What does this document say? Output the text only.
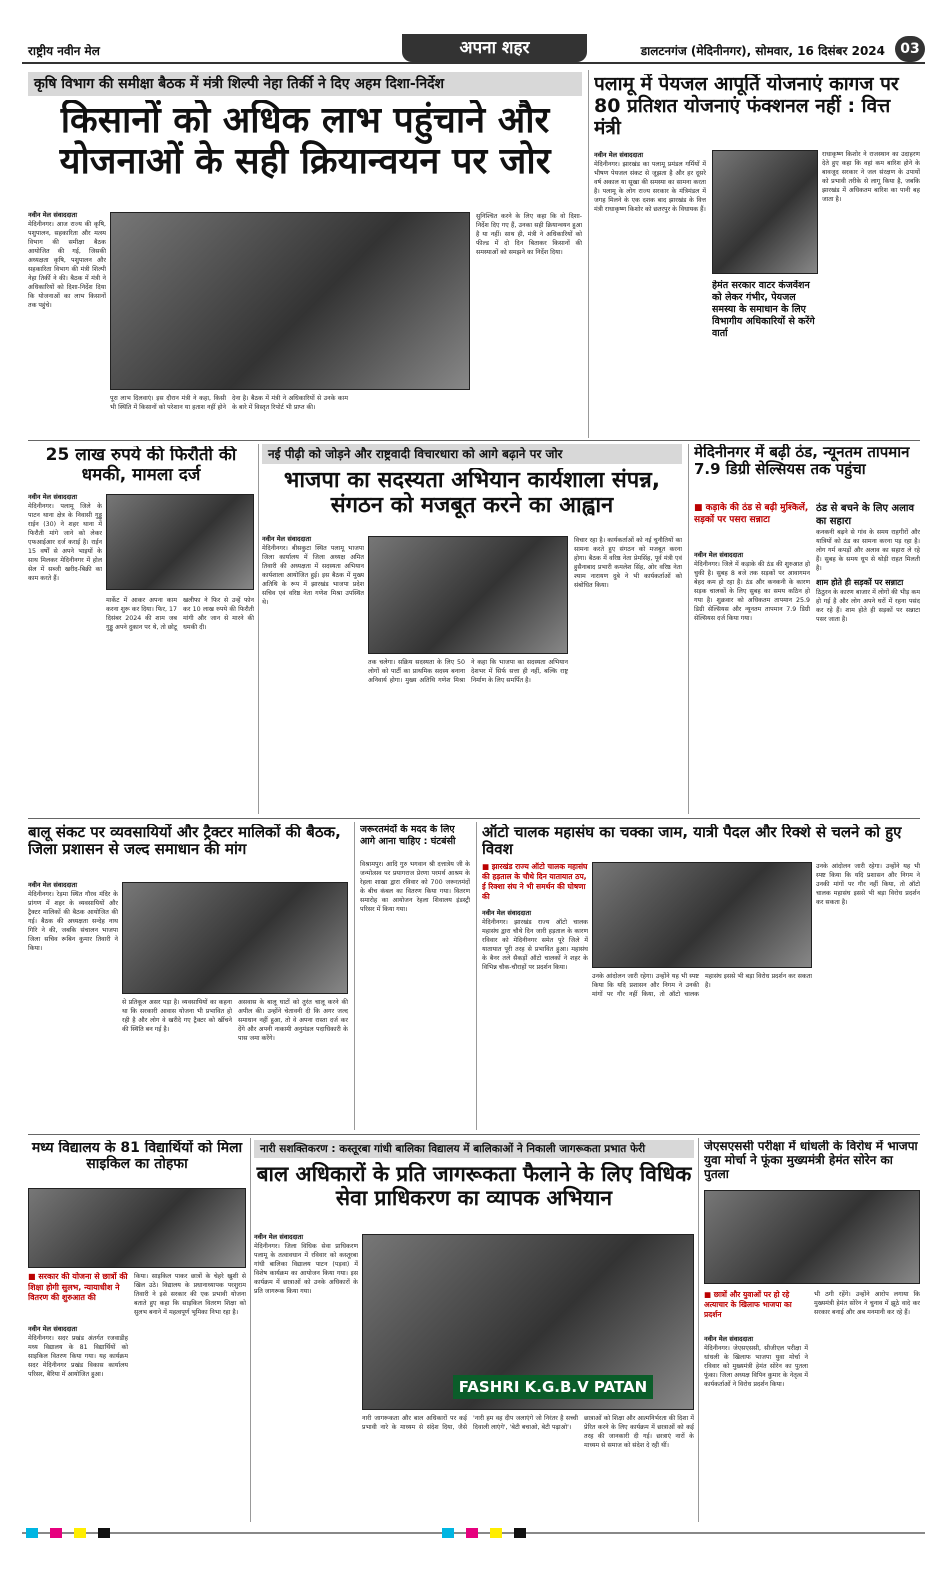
राष्ट्रीय नवीन मेल	अपना शहर	डालटनगंज (मेदिनीनगर), सोमवार, 16 दिसंबर 2024	03
कृषि विभाग की समीक्षा बैठक में मंत्री शिल्पी नेहा तिर्की ने दिए अहम दिशा-निर्देश
किसानों को अधिक लाभ पहुंचाने और योजनाओं के सही क्रियान्वयन पर जोर
नवीन मेल संवाददाता
मेदिनीनगर। आज राज्य की कृषि, पशुपालन, सहकारिता और मत्स्य विभाग की समीक्षा बैठक आयोजित की गई, जिसकी अध्यक्षता कृषि, पशुपालन और सहकारिता विभाग की मंत्री शिल्पी नेहा तिर्की ने की। बैठक में मंत्री ने अधिकारियों को दिशा-निर्देश दिया कि योजनाओं का लाभ किसानों तक पहुंचे।
पूरा लाभ दिलवाएं। इस दौरान मंत्री ने कहा, किसी भी स्थिति में किसानों को परेशान या हताश नहीं होने देना है। बैठक में मंत्री ने अधिकारियों से उनके काम के बारे में विस्तृत रिपोर्ट भी प्राप्त की।
सुनिश्चित करने के लिए कहा कि वो दिशा-निर्देश दिए गए हैं, उनका सही क्रियान्वयन हुआ है या नहीं। साथ ही, मंत्री ने अधिकारियों को फील्ड में दो दिन बिताकर किसानों की समस्याओं को समझने का निर्देश दिया।
पलामू में पेयजल आपूर्ति योजनाएं कागज पर 80 प्रतिशत योजनाएं फंक्शनल नहीं : वित्त मंत्री
नवीन मेल संवाददाता
मेदिनीनगर। झारखंड का पलामू प्रमंडल गर्मियों में भीषण पेयजल संकट से जूझता है और हर दूसरे वर्ष अकाल या सूखा की समस्या का सामना करता है। पलामू के लोग राज्य सरकार के मंत्रिमंडल में जगह मिलने के एक दशक बाद झारखंड के वित्त मंत्री राधाकृष्ण किशोर को छतरपुर के विधायक हैं।
हेमंत सरकार वाटर कंजर्वेशन को लेकर गंभीर, पेयजल समस्या के समाधान के लिए विभागीय अधिकारियों से करेंगे वार्ता
राधाकृष्ण किशोर ने राजस्थान का उदाहरण देते हुए कहा कि वहां कम बारिश होने के बावजूद सरकार ने जल संरक्षण के उपायों को प्रभावी तरीके से लागू किया है, जबकि झारखंड में अधिकतम बारिश का पानी बह जाता है।
25 लाख रुपये की फिरौती की धमकी, मामला दर्ज
नवीन मेल संवाददाता
मेदिनीनगर। पलामू जिले के पाटन थाना क्षेत्र के निवासी गुड्डू राईन (30) ने शहर थाना में फिरौती मांगे जाने को लेकर एफआईआर दर्ज कराई है। राईन 15 वर्षों से अपने भाइयों के साथ मिलकर मेदिनीनगर में होल सेल में सब्जी खरीद-बिक्री का काम करते हैं।
मार्केट में आकर अपना काम करना शुरू कर दिया। फिर, 17 दिसंबर 2024 की शाम जब गुड्डू अपने दुकान पर थे, तो छोटू खलीफा ने फिर से उन्हें फोन कर 10 लाख रुपये की फिरौती मांगी और जान से मारने की धमकी दी।
नई पीढ़ी को जोड़ने और राष्ट्रवादी विचारधारा को आगे बढ़ाने पर जोर
भाजपा का सदस्यता अभियान कार्यशाला संपन्न, संगठन को मजबूत करने का आह्वान
नवीन मेल संवाददाता
मेदिनीनगर। बीसकुटा स्थित पलामू भाजपा जिला कार्यालय में जिला अध्यक्ष अमित तिवारी की अध्यक्षता में सदस्यता अभियान कार्यशाला आयोजित हुई। इस बैठक में मुख्य अतिथि के रूप में झारखंड भाजपा प्रदेश सचिव एवं वरिष्ठ नेता गणेश मिश्रा उपस्थित थे।
तक चलेगा। सक्रिय सदस्यता के लिए 50 लोगों को पार्टी का प्राथमिक सदस्य बनाना अनिवार्य होगा। मुख्य अतिथि गणेश मिश्रा ने कहा कि भाजपा का सदस्यता अभियान देशभर में सिर्फ सत्ता ही नहीं, बल्कि राष्ट्र निर्माण के लिए समर्पित है।
विचार रहा है। कार्यकर्ताओं को नई चुनौतियों का सामना करते हुए संगठन को मजबूत करना होगा। बैठक में वरिष्ठ नेता प्रेमसिंह, पूर्व मंत्री एवं हुसैनाबाद प्रभारी कमलेश सिंह, ओर वरिष्ठ नेता श्याम नारायण दुबे ने भी कार्यकर्ताओं को संबोधित किया।
मेदिनीनगर में बढ़ी ठंड, न्यूनतम तापमान 7.9 डिग्री सेल्सियस तक पहुंचा
■ कड़ाके की ठंड से बढ़ी मुश्किलें, सड़कों पर पसरा सन्नाटा
नवीन मेल संवाददाता
मेदिनीनगर। जिले में कड़ाके की ठंड की शुरुआत हो चुकी है। सुबह 8 बजे तक सड़कों पर आवागमन बेहद कम हो रहा है। ठंड और कनकनी के कारण सड़क चालकों के लिए सुबह का समय कठिन हो गया है। शुक्रवार को अधिकतम तापमान 25.9 डिग्री सेल्सियस और न्यूनतम तापमान 7.9 डिग्री सेल्सियस दर्ज किया गया।
ठंड से बचने के लिए अलाव का सहारा
कनकनी बढ़ने से गांव के समय राहगीरों और यात्रियों को ठंड का सामना करना पड़ रहा है। लोग गर्म कपड़ों और अलाव का सहारा ले रहे हैं। सुबह के समय धूप से थोड़ी राहत मिलती है।
शाम होते ही सड़कों पर सन्नाटा
ठिठुरन के कारण बाजार में लोगों की भीड़ कम हो गई है और लोग अपने घरों में रहना पसंद कर रहे हैं। शाम होते ही सड़कों पर सन्नाटा पसर जाता है।
बालू संकट पर व्यवसायियों और ट्रैक्टर मालिकों की बैठक, जिला प्रशासन से जल्द समाधान की मांग
नवीन मेल संवाददाता
मेदिनीनगर। रेड़मा स्थित गौरव मंदिर के प्रांगण में शहर के व्यवसायियों और ट्रैक्टर मालिकों की बैठक आयोजित की गई। बैठक की अध्यक्षता सन्देह नाथ गिरि ने की, जबकि संचालन भाजपा जिला सचिव रूबिन कुमार तिवारी ने किया।
से प्रतिकूल असर पड़ा है। व्यवसायियों का कहना था कि सरकारी आवास योजना भी प्रभावित हो रही है और लोग वे खरीदे गए ट्रैक्टर को खींचने की स्थिति बन गई है।
असवास के बालू घाटों को तुरंत चालू करने की अपील की। उन्होंने चेतावनी दी कि अगर जल्द समाधान नहीं हुआ, तो वे अपना रास्ता दर्ज कर देंगे और अपनी नाकामी अनुमंडल पदाधिकारी के पास जमा करेंगे।
जरूरतमंदों के मदद के लिए आगे आना चाहिए : घंटबंसी
विश्रामपुर। आदि गुरु भगवान श्री दत्तात्रेय जी के जन्मोत्सव पर प्रयागराज प्रेरणा परमर्थ आश्रम के रेहला शाखा द्वारा रविवार को 700 जरूरतमंदों के बीच कंबल का वितरण किया गया। वितरण समारोह का आयोजन रेहला शिवालय इंडस्ट्री परिसर में किया गया।
ऑटो चालक महासंघ का चक्का जाम, यात्री पैदल और रिक्शे से चलने को हुए विवश
■ झारखंड राज्य ऑटो चालक महासंघ की हड़ताल के चौथे दिन यातायात ठप, ई रिक्शा संघ ने भी समर्थन की घोषणा की
नवीन मेल संवाददाता
मेदिनीनगर। झारखंड राज्य ऑटो चालक महासंघ द्वारा चौथे दिन जारी हड़ताल के कारण रविवार को मेदिनीनगर समेत पूरे जिले में यातायात पूरी तरह से प्रभावित हुआ। महासंघ के बैनर तले सैकड़ों ऑटो चालकों ने शहर के विभिन्न चौक-चौराहों पर प्रदर्शन किया।
उनके आंदोलन जारी रहेगा। उन्होंने यह भी स्पष्ट किया कि यदि प्रशासन और निगम ने उनकी मांगों पर गौर नहीं किया, तो ऑटो चालक महासंघ इससे भी बड़ा विरोध प्रदर्शन कर सकता है।
उनके आंदोलन जारी रहेगा। उन्होंने यह भी स्पष्ट किया कि यदि प्रशासन और निगम ने उनकी मांगों पर गौर नहीं किया, तो ऑटो चालक महासंघ इससे भी बड़ा विरोध प्रदर्शन कर सकता है।
मध्य विद्यालय के 81 विद्यार्थियों को मिला साइकिल का तोहफा
■ सरकार की योजना से छात्रों की शिक्षा होगी सुलभ, न्यायाधीश ने वितरण की शुरुआत की
नवीन मेल संवाददाता
मेदिनीनगर। सदर प्रखंड अंतर्गत रजवाडीह मध्य विद्यालय के 81 विद्यार्थियों को साइकिल वितरण किया गया। यह कार्यक्रम सदर मेदिनीनगर प्रखंड विकास कार्यालय परिसर, बैरिया में आयोजित हुआ।
किया। साइकिल पाकर छात्रों के चेहरे खुशी से खिल उठे। विद्यालय के प्रधानाध्यापक परशुराम तिवारी ने इसे सरकार की एक प्रभावी योजना बताते हुए कहा कि साइकिल वितरण शिक्षा को सुलभ बनाने में महत्वपूर्ण भूमिका निभा रहा है।
नारी सशक्तिकरण : कस्तूरबा गांधी बालिका विद्यालय में बालिकाओं ने निकाली जागरूकता प्रभात फेरी
बाल अधिकारों के प्रति जागरूकता फैलाने के लिए विधिक सेवा प्राधिकरण का व्यापक अभियान
नवीन मेल संवाददाता
मेदिनीनगर। जिला विधिक सेवा प्राधिकरण पलामू के तत्वावधान में रविवार को कस्तूरबा गांधी बालिका विद्यालय पाटन (पड़वा) में विशेष कार्यक्रम का आयोजन किया गया। इस कार्यक्रम में छात्राओं को उनके अधिकारों के प्रति जागरूक किया गया।
FASHRI K.G.B.V PATAN
नारी जागरूकता और बाल अधिकारों पर कई प्रभावी नारे के माध्यम से संदेश दिया, जैसे 'नारी हम वह दीप जलाएंगे जो निरंतर है सच्ची दिवाली लाएंगे', 'बेटी बचाओ, बेटी पढ़ाओ'।
छात्राओं को शिक्षा और आत्मनिर्भरता की दिशा में प्रेरित करने के लिए कार्यक्रम में छात्राओं को कई तरह की जानकारी दी गई। छात्राएं नारों के माध्यम से समाज को संदेश दे रही थीं।
जेएसएससी परीक्षा में धांधली के विरोध में भाजपा युवा मोर्चा ने फूंका मुख्यमंत्री हेमंत सोरेन का पुतला
■ छात्रों और युवाओं पर हो रहे अत्याचार के खिलाफ भाजपा का प्रदर्शन
नवीन मेल संवाददाता
मेदिनीनगर। जेएसएससी, सीजीएल परीक्षा में धांधली के खिलाफ भाजपा युवा मोर्चा ने रविवार को मुख्यमंत्री हेमंत सोरेन का पुतला फूंका। जिला अध्यक्ष विपिन कुमार के नेतृत्व में कार्यकर्ताओं ने विरोध प्रदर्शन किया।
भी ठगी रहेंगे। उन्होंने आरोप लगाया कि मुख्यमंत्री हेमंत सोरेन ने चुनाव में झूठे वादे कर सरकार बनाई और अब मनमानी कर रहे हैं।
